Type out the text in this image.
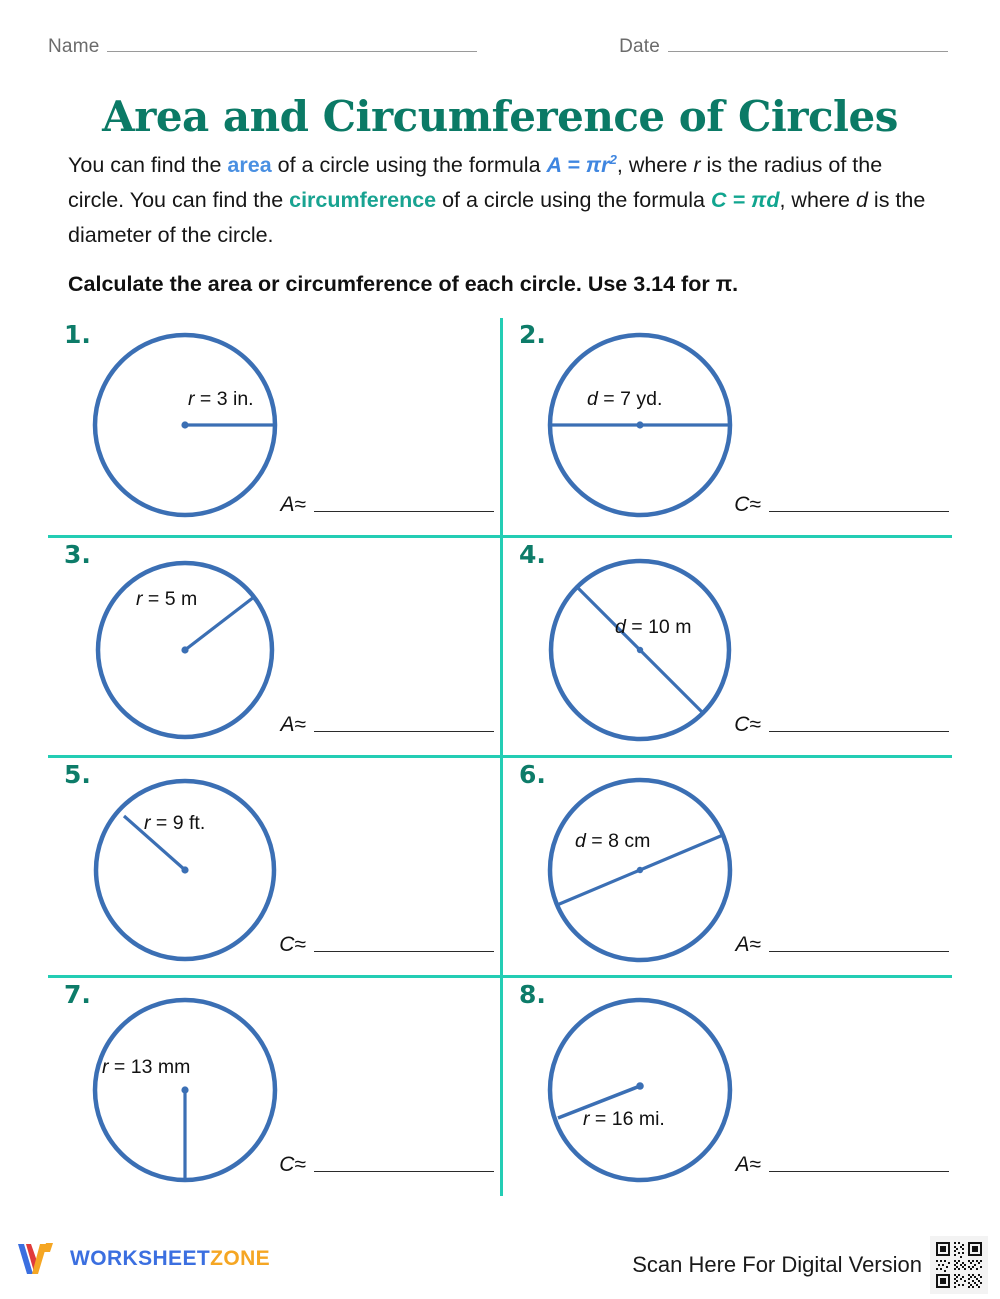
Name	Date
Area and Circumference of Circles
You can find the area of a circle using the formula $A = \pi r^2$, where r is the radius of the circle. You can find the circumference of a circle using the formula C = πd, where d is the diameter of the circle.
Calculate the area or circumference of each circle. Use 3.14 for π.
1.
r = 3 in.
A≈
2.
d = 7 yd.
C≈
3.
r = 5 m
A≈
4.
d = 10 m
C≈
5.
r = 9 ft.
C≈
6.
d = 8 cm
A≈
7.
r = 13 mm
C≈
8.
r = 16 mi.
A≈
WORKSHEETZONE	Scan Here For Digital Version
